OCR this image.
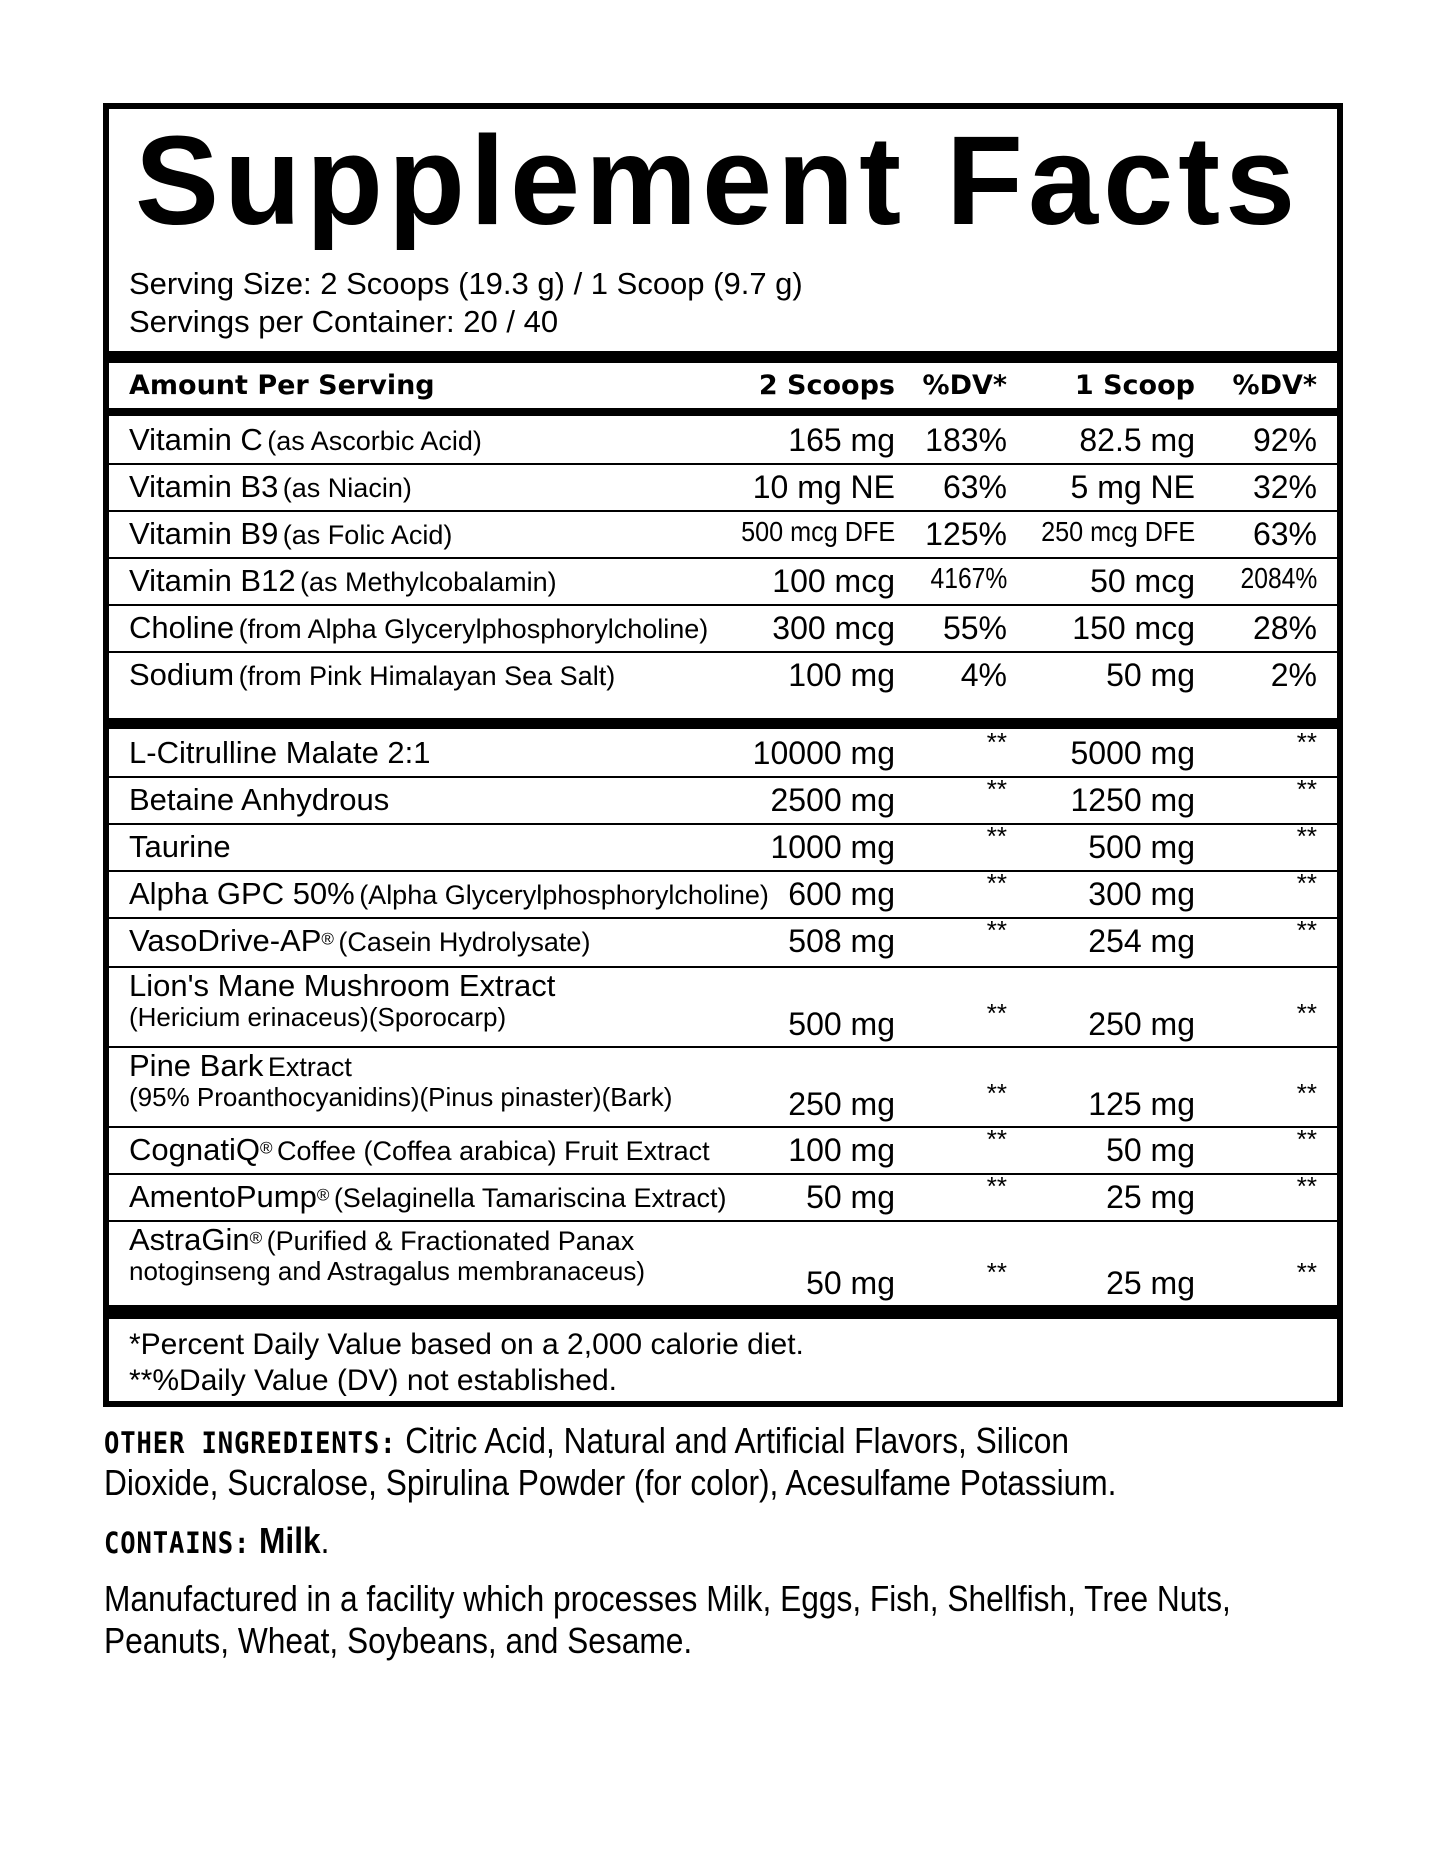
Supplement Facts
Serving Size: 2 Scoops (19.3 g) / 1 Scoop (9.7 g)
Servings per Container: 20 / 40
Amount Per Serving	2 Scoops %DV*	1 Scoop %DV*
Vitamin C (as Ascorbic Acid)	165 mg 183% 82.5 mg 92%
Vitamin B3 (as Niacin)	10 mg NE 63% 5 mg NE 32%
Vitamin B9 (as Folic Acid)	500 mcg DFE 125% 250 mcg DFE 63%
Vitamin B12 (as Methylcobalamin)	100 mcg 4167%	50 mcg 2084%
Choline (from Alpha Glycerylphosphorylcholine) 300 mcg 55% 150 mcg 28%
Sodium (from Pink Himalayan Sea Salt)	100 mg 4%	50 mg 2%
L-Citrulline Malate 2:1	10000 mg	** 5000 mg	**
Betaine Anhydrous	2500 mg	** 1250 mg	**
Taurine	1000 mg	**	500 mg	**
Alpha GPC 50% (Alpha Glycerylphosphorylcholine) 600 mg	**	300 mg	**
VasoDrive-AP® (Casein Hydrolysate)	508 mg	**	254 mg	**
Lion's Mane Mushroom Extract
(Hericium erinaceus)(Sporocarp)	500 mg	**	250 mg	**
Pine Bark Extract
(95% Proanthocyanidins)(Pinus pinaster)(Bark)	250 mg	**	125 mg	**
CognatiQ® Coffee (Coffea arabica) Fruit Extract 100 mg	**	50 mg	**
AmentoPump® (Selaginella Tamariscina Extract) 50 mg	**	25 mg	**
AstraGin® (Purified & Fractionated Panax
notoginseng and Astragalus membranaceus)	50 mg	**	25 mg	**
*Percent Daily Value based on a 2,000 calorie diet.
**%Daily Value (DV) not established.
OTHER INGREDIENTS: Citric Acid, Natural and Artificial Flavors, Silicon
Dioxide, Sucralose, Spirulina Powder (for color), Acesulfame Potassium.
CONTAINS: Milk.
Manufactured in a facility which processes Milk, Eggs, Fish, Shellfish, Tree Nuts,
Peanuts, Wheat, Soybeans, and Sesame.
